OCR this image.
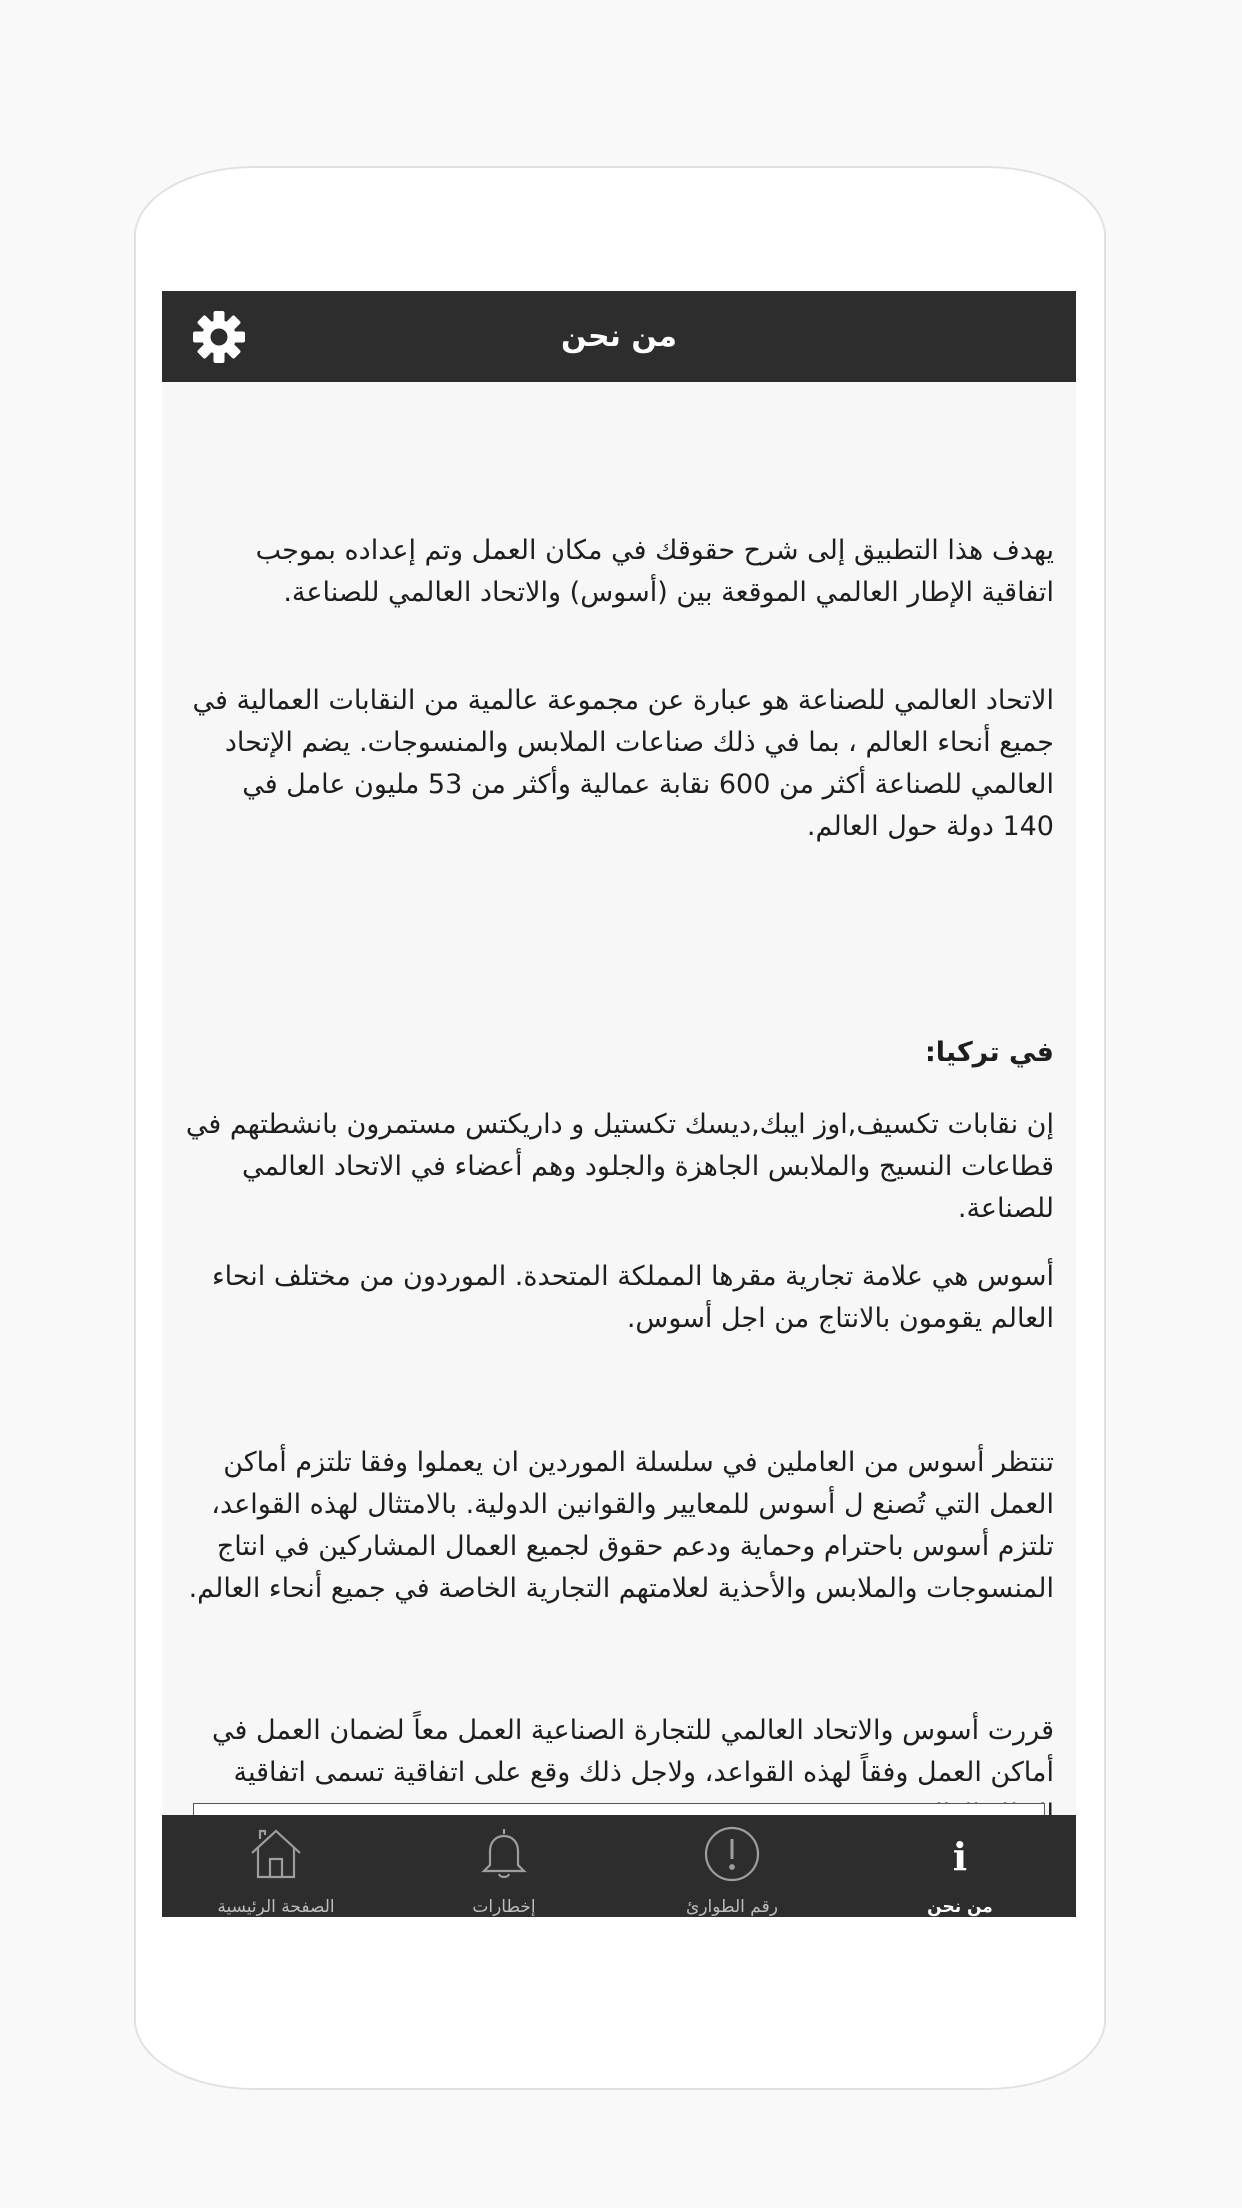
من نحن

يهدف هذا التطبيق إلى شرح حقوقك في مكان العمل وتم إعداده بموجب اتفاقية الإطار العالمي الموقعة بين (أسوس) والاتحاد العالمي للصناعة.

الاتحاد العالمي للصناعة هو عبارة عن مجموعة عالمية من النقابات العمالية في جميع أنحاء العالم ، بما في ذلك صناعات الملابس والمنسوجات. يضم الإتحاد العالمي للصناعة أكثر من 600 نقابة عمالية وأكثر من 53 مليون عامل في 140 دولة حول العالم.

في تركيا:

إن نقابات تكسيف,اوز ايبك,ديسك تكستيل و داريكتس مستمرون بانشطتهم في قطاعات النسيج والملابس الجاهزة والجلود وهم أعضاء في الاتحاد العالمي للصناعة.

أسوس هي علامة تجارية مقرها المملكة المتحدة. الموردون من مختلف انحاء العالم يقومون بالانتاج من اجل أسوس.

تنتظر أسوس من العاملين في سلسلة الموردين ان يعملوا وفقا تلتزم أماكن العمل التي تُصنع ل أسوس للمعايير والقوانين الدولية. بالامتثال لهذه القواعد، تلتزم أسوس باحترام وحماية ودعم حقوق لجميع العمال المشاركين في انتاج المنسوجات والملابس والأحذية لعلامتهم التجارية الخاصة في جميع أنحاء العالم.

قررت أسوس والاتحاد العالمي للتجارة الصناعية العمل معاً لضمان العمل في أماكن العمل وفقاً لهذه القواعد، ولاجل ذلك وقع على اتفاقية تسمى اتفاقية

الصفحة الرئيسية	إخطارات	رقم الطوارئ
i
من نحن
